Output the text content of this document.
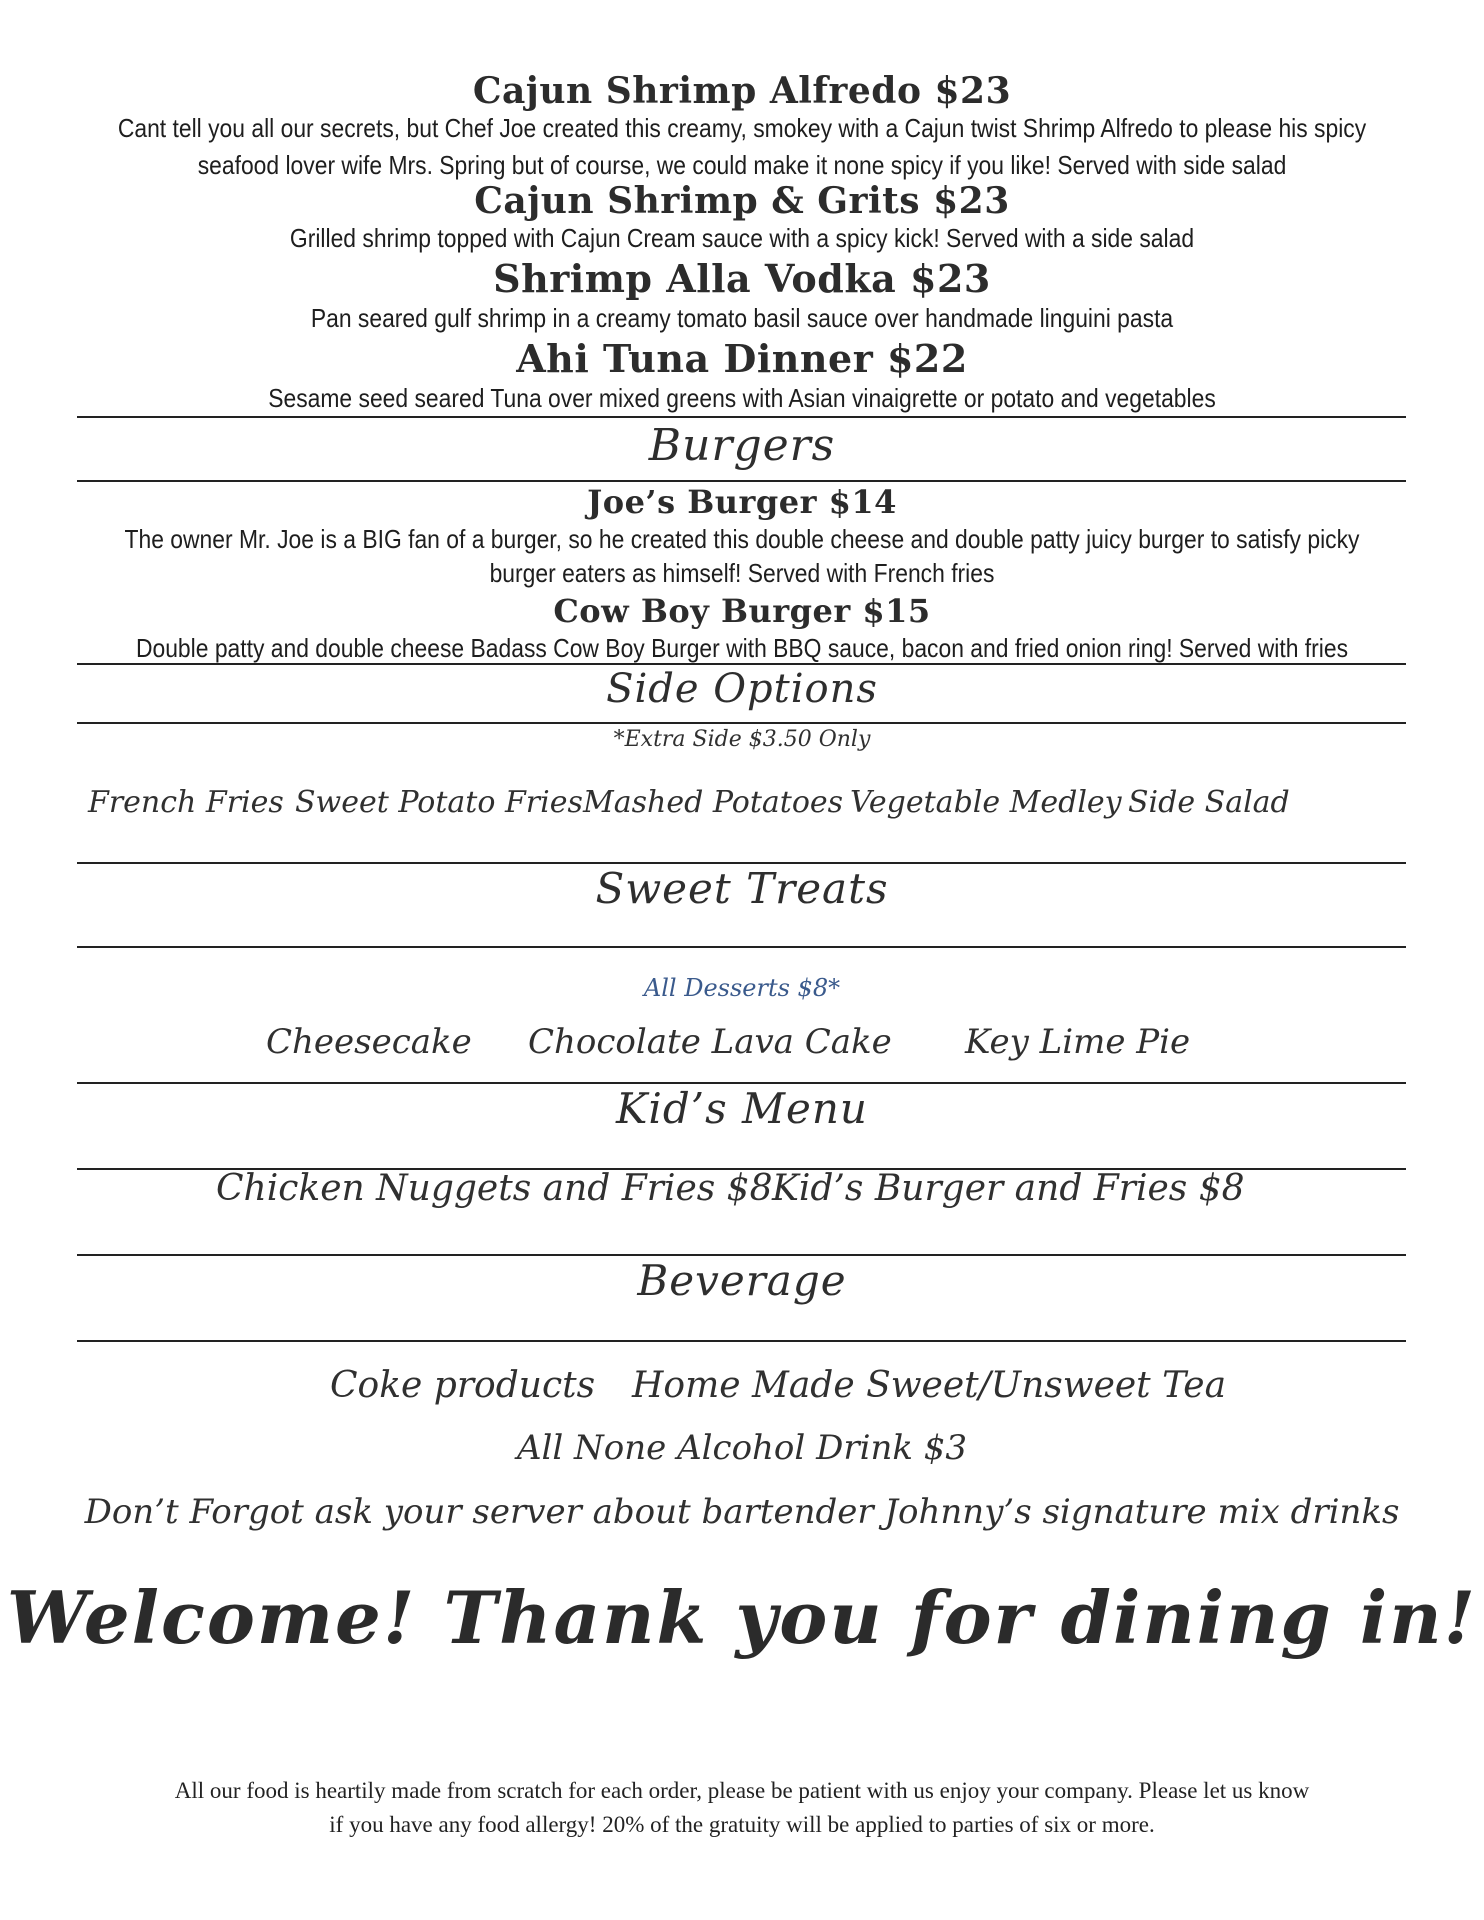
Cajun Shrimp Alfredo $23
Cant tell you all our secrets, but Chef Joe created this creamy, smokey with a Cajun twist Shrimp Alfredo to please his spicy
seafood lover wife Mrs. Spring but of course, we could make it none spicy if you like! Served with side salad
Cajun Shrimp & Grits $23
Grilled shrimp topped with Cajun Cream sauce with a spicy kick! Served with a side salad
Shrimp Alla Vodka $23
Pan seared gulf shrimp in a creamy tomato basil sauce over handmade linguini pasta
Ahi Tuna Dinner $22
Sesame seed seared Tuna over mixed greens with Asian vinaigrette or potato and vegetables
Burgers
Joe’s Burger $14
The owner Mr. Joe is a BIG fan of a burger, so he created this double cheese and double patty juicy burger to satisfy picky
burger eaters as himself! Served with French fries
Cow Boy Burger $15
Double patty and double cheese Badass Cow Boy Burger with BBQ sauce, bacon and fried onion ring! Served with fries
Side Options
*Extra Side $3.50 Only
French Fries Sweet Potato Fries Mashed Potatoes Vegetable Medley Side Salad
Sweet Treats
All Desserts $8*
Cheesecake Chocolate Lava Cake Key Lime Pie
Kid’s Menu
Chicken Nuggets and Fries $8 Kid’s Burger and Fries $8
Beverage
Coke products Home Made Sweet/Unsweet Tea
All None Alcohol Drink $3
Don’t Forgot ask your server about bartender Johnny’s signature mix drinks
Welcome! Thank you for dining in!
All our food is heartily made from scratch for each order, please be patient with us enjoy your company. Please let us know
if you have any food allergy! 20% of the gratuity will be applied to parties of six or more.
